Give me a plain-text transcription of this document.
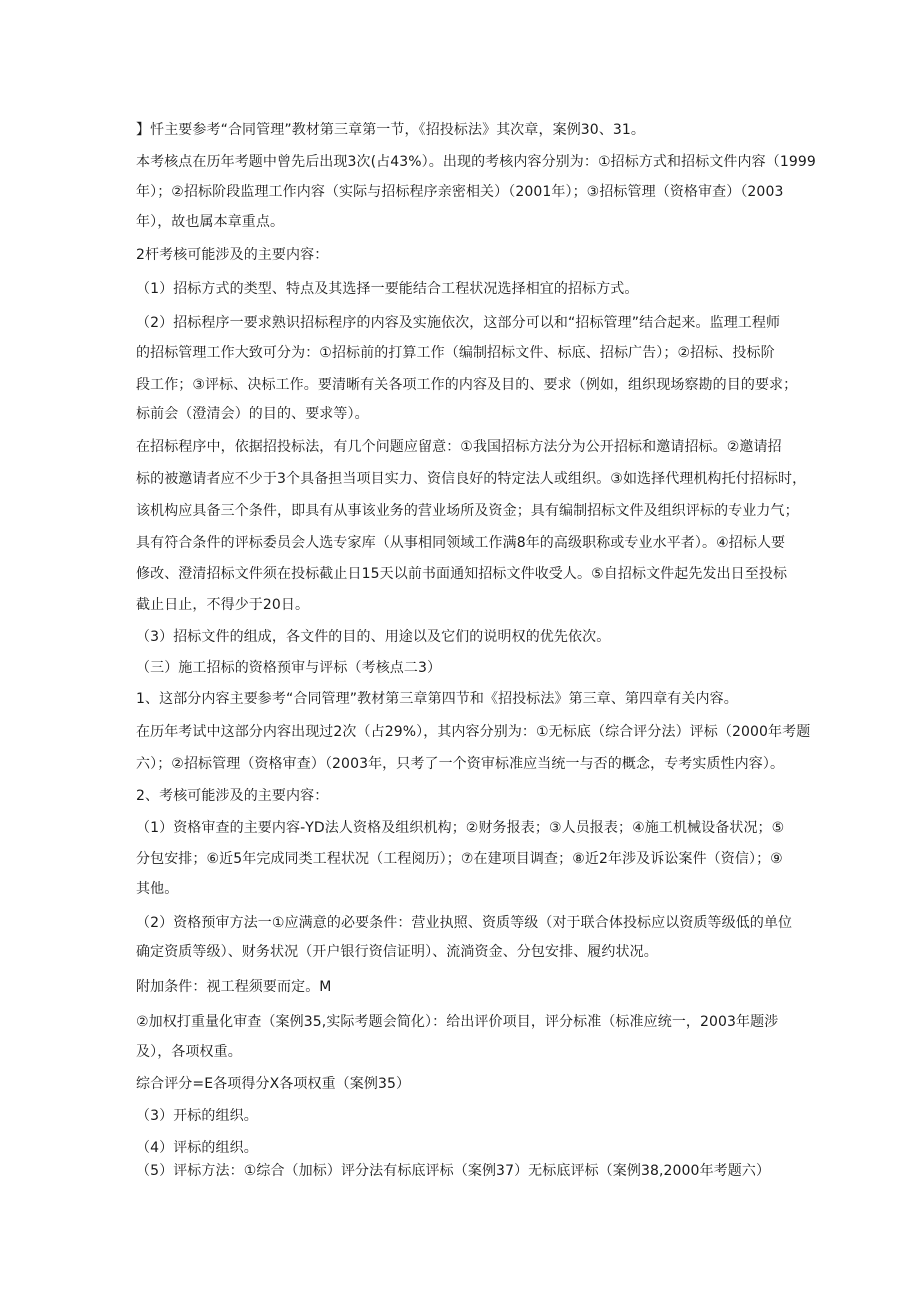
】忏主要参考“合同管理”教材第三章第一节，《招投标法》其次章，案例30、31。
本考核点在历年考题中曾先后出现3次(占43%）。出现的考核内容分别为：①招标方式和招标文件内容（1999
年）；②招标阶段监理工作内容（实际与招标程序亲密相关）（2001年）；③招标管理（资格审查）（2003
年），故也属本章重点。
2杆考核可能涉及的主要内容：
（1）招标方式的类型、特点及其选择一要能结合工程状况选择相宜的招标方式。
（2）招标程序一要求熟识招标程序的内容及实施依次，这部分可以和“招标管理”结合起来。监理工程师
的招标管理工作大致可分为：①招标前的打算工作（编制招标文件、标底、招标广告）；②招标、投标阶
段工作；③评标、决标工作。要清晰有关各项工作的内容及目的、要求（例如，组织现场察勘的目的要求；
标前会（澄清会）的目的、要求等）。
在招标程序中，依据招投标法，有几个问题应留意：①我国招标方法分为公开招标和邀请招标。②邀请招
标的被邀请者应不少于3个具备担当项目实力、资信良好的特定法人或组织。③如选择代理机构托付招标时，
该机构应具备三个条件，即具有从事该业务的营业场所及资金；具有编制招标文件及组织评标的专业力气；
具有符合条件的评标委员会人选专家库（从事相同领域工作满8年的高级职称或专业水平者）。④招标人要
修改、澄清招标文件须在投标截止日15天以前书面通知招标文件收受人。⑤自招标文件起先发出日至投标
截止日止，不得少于20日。
（3）招标文件的组成，各文件的目的、用途以及它们的说明权的优先依次。
（三）施工招标的资格预审与评标（考核点二3）
1、这部分内容主要参考“合同管理”教材第三章第四节和《招投标法》第三章、第四章有关内容。
在历年考试中这部分内容出现过2次（占29%），其内容分别为：①无标底（综合评分法）评标（2000年考题
六）；②招标管理（资格审查）（2003年，只考了一个资审标准应当统一与否的概念，专考实质性内容）。
2、考核可能涉及的主要内容：
（1）资格审查的主要内容-YD法人资格及组织机构；②财务报表；③人员报表；④施工机械设备状况；⑤
分包安排；⑥近5年完成同类工程状况（工程阅历）；⑦在建项目调查；⑧近2年涉及诉讼案件（资信）；⑨
其他。
（2）资格预审方法一①应满意的必要条件：营业执照、资质等级（对于联合体投标应以资质等级低的单位
确定资质等级）、财务状况（开户银行资信证明）、流淌资金、分包安排、履约状况。
附加条件：视工程须要而定。M
②加权打重量化审查（案例35,实际考题会简化）：给出评价项目，评分标准（标准应统一，2003年题涉
及），各项权重。
综合评分=E各项得分X各项权重（案例35）
（3）开标的组织。
（4）评标的组织。
（5）评标方法：①综合（加标）评分法有标底评标（案例37）无标底评标（案例38,2000年考题六）
